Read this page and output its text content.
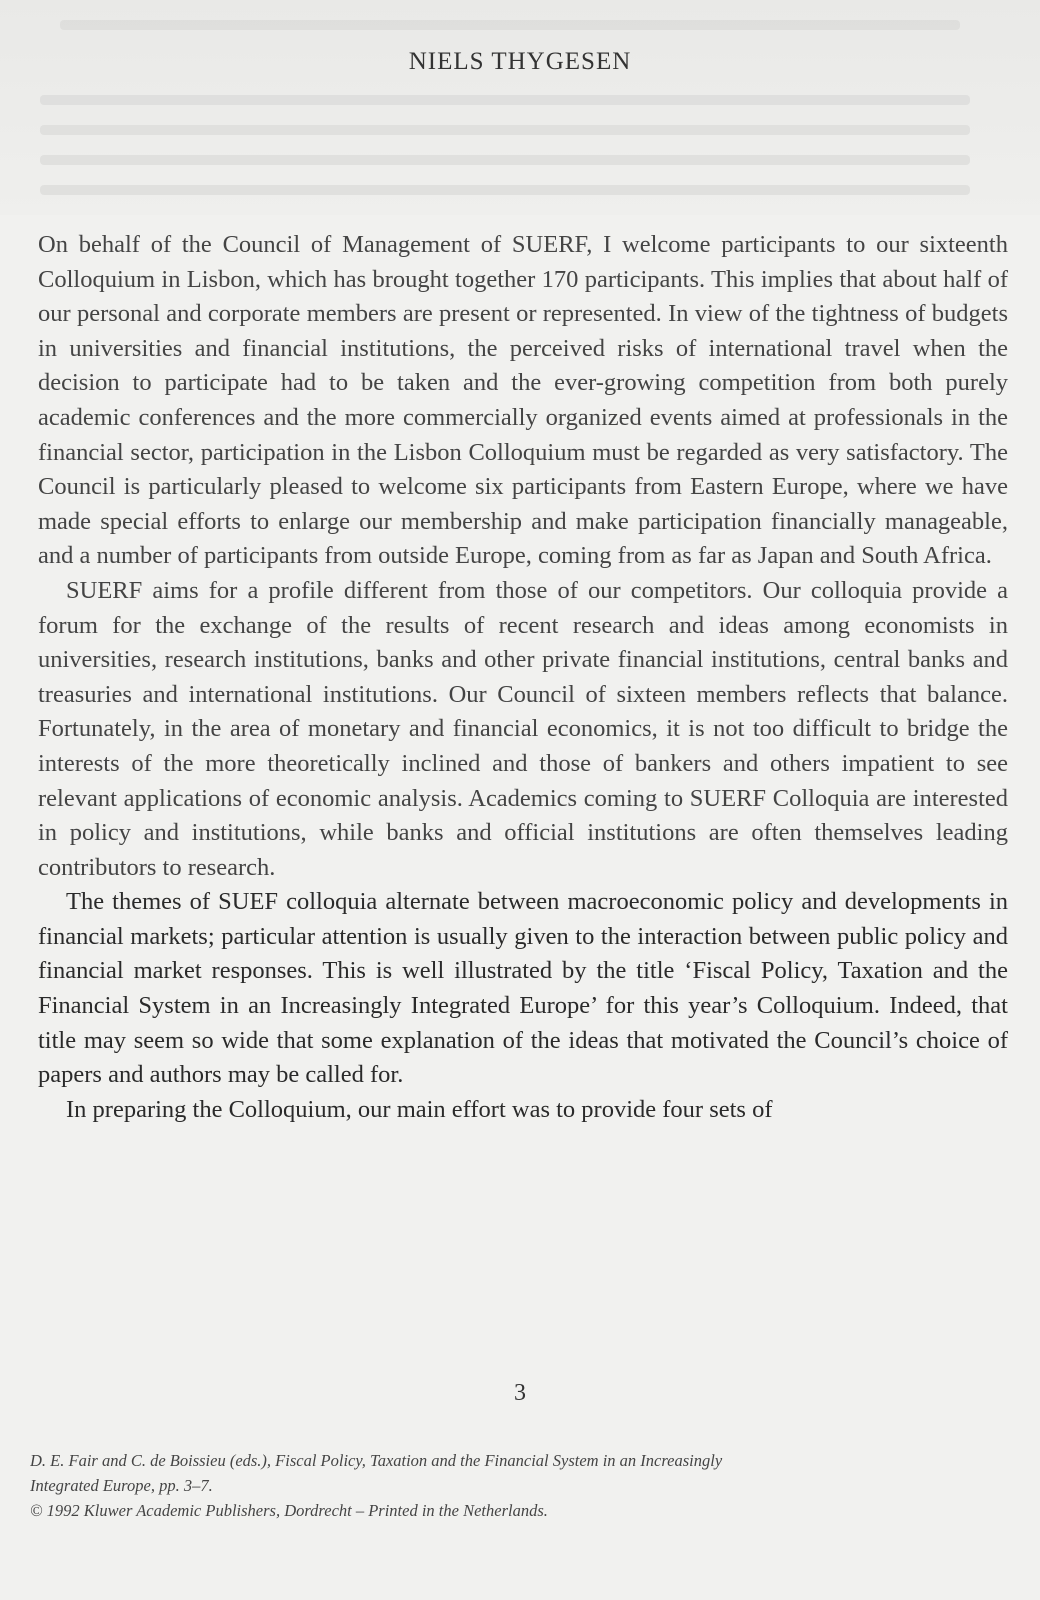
NIELS THYGESEN

On behalf of the Council of Management of SUERF, I welcome participants to our sixteenth Colloquium in Lisbon, which has brought together 170 participants. This implies that about half of our personal and corporate members are present or represented. In view of the tightness of budgets in universities and financial institutions, the perceived risks of international travel when the decision to participate had to be taken and the ever-growing competition from both purely academic conferences and the more commercially organized events aimed at professionals in the financial sector, participation in the Lisbon Colloquium must be regarded as very satisfactory. The Council is particularly pleased to welcome six participants from Eastern Europe, where we have made special efforts to enlarge our membership and make participation financially manageable, and a number of participants from outside Europe, coming from as far as Japan and South Africa.

SUERF aims for a profile different from those of our competitors. Our colloquia provide a forum for the exchange of the results of recent research and ideas among economists in universities, research institutions, banks and other private financial institutions, central banks and treasuries and international institutions. Our Council of sixteen members reflects that balance. Fortunately, in the area of monetary and financial economics, it is not too difficult to bridge the interests of the more theoretically inclined and those of bankers and others impatient to see relevant applications of economic analysis. Academics coming to SUERF Colloquia are interested in policy and institutions, while banks and official institutions are often themselves leading contributors to research.

The themes of SUEF colloquia alternate between macroeconomic policy and developments in financial markets; particular attention is usually given to the interaction between public policy and financial market responses. This is well illustrated by the title ‘Fiscal Policy, Taxation and the Financial System in an Increasingly Integrated Europe’ for this year’s Colloquium. Indeed, that title may seem so wide that some explanation of the ideas that motivated the Council’s choice of papers and authors may be called for.

In preparing the Colloquium, our main effort was to provide four sets of

3
D. E. Fair and C. de Boissieu (eds.), Fiscal Policy, Taxation and the Financial System in an Increasingly
Integrated Europe, pp. 3–7.
© 1992 Kluwer Academic Publishers, Dordrecht – Printed in the Netherlands.
